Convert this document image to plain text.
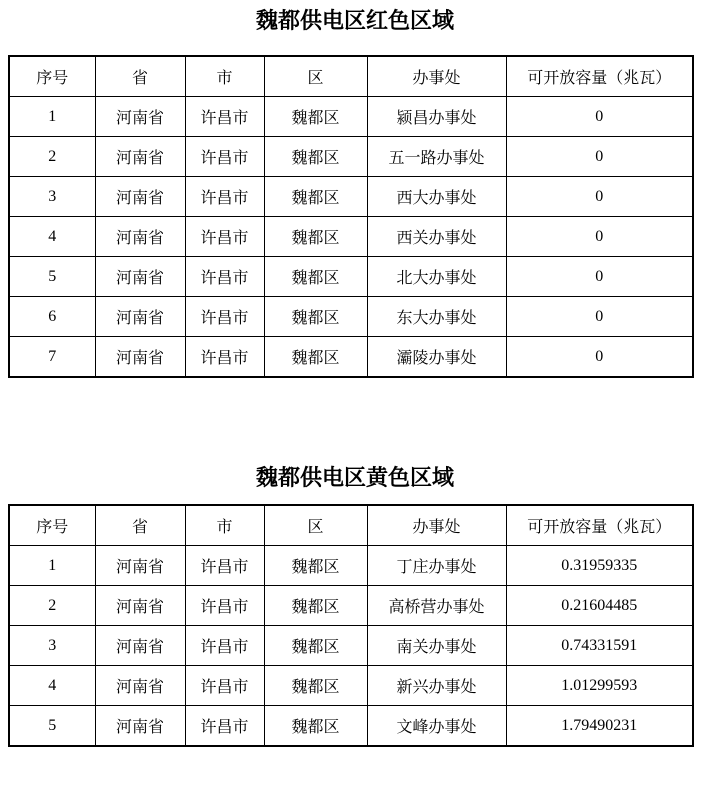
魏都供电区红色区域
序号	省	市	区	办事处	可开放容量（兆瓦）
1	河南省	许昌市	魏都区	颍昌办事处	0
2	河南省	许昌市	魏都区	五一路办事处	0
3	河南省	许昌市	魏都区	西大办事处	0
4	河南省	许昌市	魏都区	西关办事处	0
5	河南省	许昌市	魏都区	北大办事处	0
6	河南省	许昌市	魏都区	东大办事处	0
7	河南省	许昌市	魏都区	灞陵办事处	0
魏都供电区黄色区域
序号	省	市	区	办事处	可开放容量（兆瓦）
1	河南省	许昌市	魏都区	丁庄办事处	0.31959335
2	河南省	许昌市	魏都区	高桥营办事处	0.21604485
3	河南省	许昌市	魏都区	南关办事处	0.74331591
4	河南省	许昌市	魏都区	新兴办事处	1.01299593
5	河南省	许昌市	魏都区	文峰办事处	1.79490231
